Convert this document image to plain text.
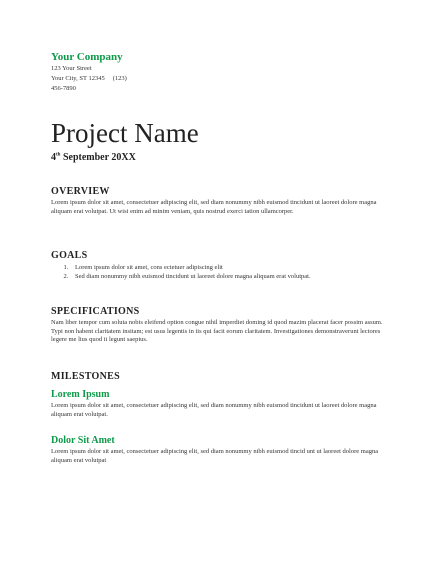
Your Company
123 Your Street
Your City, ST 12345 (123)
456-7890
Project Name
4th September 20XX
OVERVIEW
Lorem ipsum dolor sit amet, consectetuer adipiscing elit, sed diam nonummy nibh euismod tincidunt ut laoreet dolore magna aliquam erat volutpat. Ut wisi enim ad minim veniam, quis nostrud exerci tation ullamcorper.
GOALS
1. Lorem ipsum dolor sit amet, cons ectetuer adipiscing elit
2. Sed diam nonummy nibh euismod tincidunt ut laoreet dolore magna aliquam erat volutpat.
SPECIFICATIONS
Nam liber tempor cum soluta nobis eleifend option congue nihil imperdiet doming id quod mazim placerat facer possim assum. Typi non habent claritatem insitam; est usus legentis in iis qui facit eorum claritatem. Investigationes demonstraverunt lectores legere me lius quod ii legunt saepius.
MILESTONES
Lorem Ipsum
Lorem ipsum dolor sit amet, consectetuer adipiscing elit, sed diam nonummy nibh euismod tincidunt ut laoreet dolore magna aliquam erat volutpat.
Dolor Sit Amet
Lorem ipsum dolor sit amet, consectetuer adipiscing elit, sed diam nonummy nibh euismod tincid unt ut laoreet dolore magna aliquam erat volutpat
